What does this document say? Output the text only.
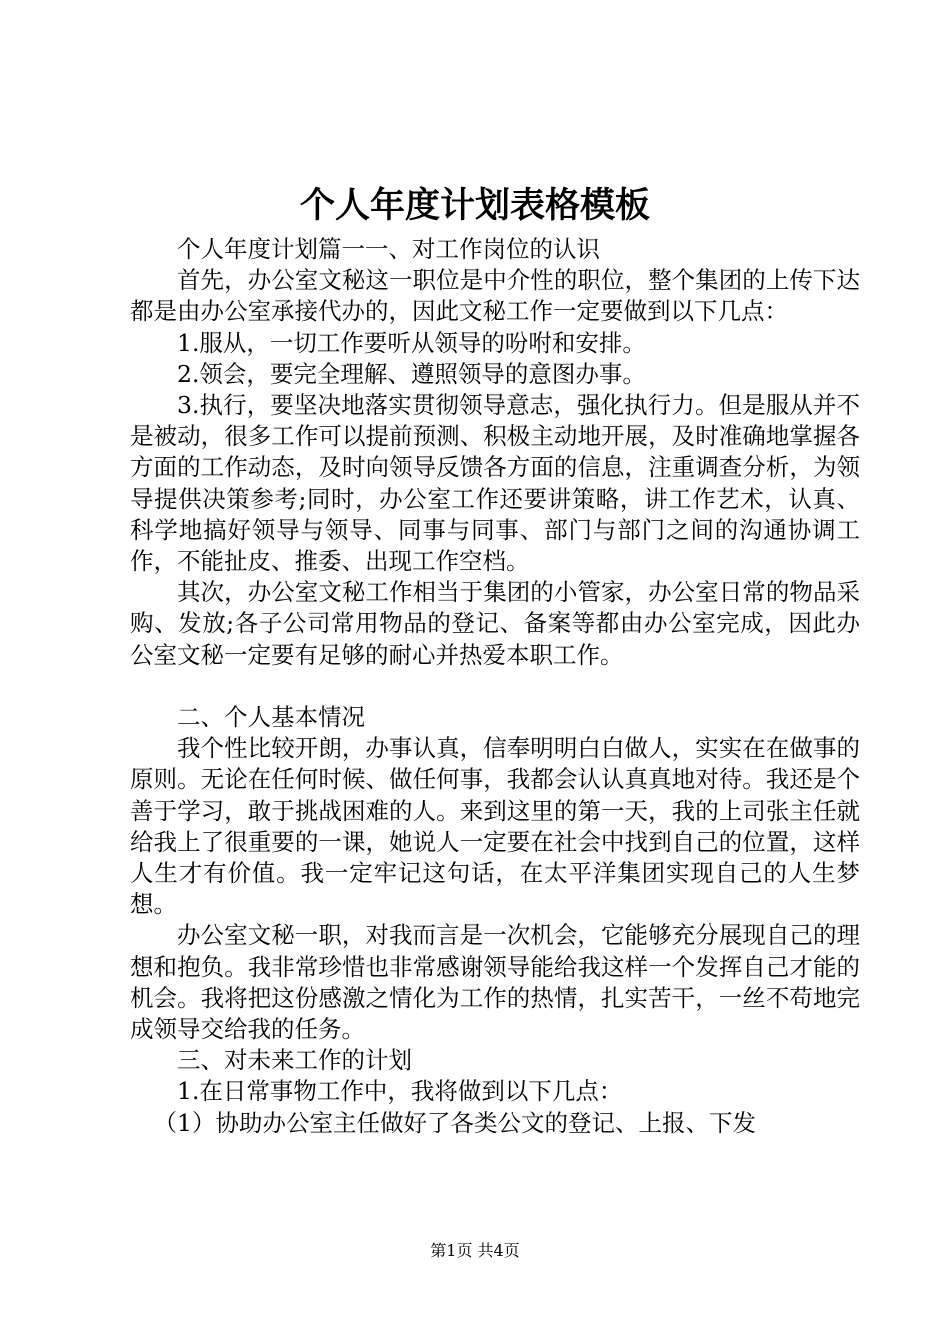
个人年度计划表格模板

个人年度计划篇一一、对工作岗位的认识

首先，办公室文秘这一职位是中介性的职位，整个集团的上传下达都是由办公室承接代办的，因此文秘工作一定要做到以下几点：

1.服从，一切工作要听从领导的吩咐和安排。

2.领会，要完全理解、遵照领导的意图办事。

3.执行，要坚决地落实贯彻领导意志，强化执行力。但是服从并不是被动，很多工作可以提前预测、积极主动地开展，及时准确地掌握各方面的工作动态，及时向领导反馈各方面的信息，注重调查分析，为领导提供决策参考;同时，办公室工作还要讲策略，讲工作艺术，认真、科学地搞好领导与领导、同事与同事、部门与部门之间的沟通协调工作，不能扯皮、推委、出现工作空档。

其次，办公室文秘工作相当于集团的小管家，办公室日常的物品采购、发放;各子公司常用物品的登记、备案等都由办公室完成，因此办公室文秘一定要有足够的耐心并热爱本职工作。

二、个人基本情况

我个性比较开朗，办事认真，信奉明明白白做人，实实在在做事的原则。无论在任何时候、做任何事，我都会认认真真地对待。我还是个善于学习，敢于挑战困难的人。来到这里的第一天，我的上司张主任就给我上了很重要的一课，她说人一定要在社会中找到自己的位置，这样人生才有价值。我一定牢记这句话，在太平洋集团实现自己的人生梦想。

办公室文秘一职，对我而言是一次机会，它能够充分展现自己的理想和抱负。我非常珍惜也非常感谢领导能给我这样一个发挥自己才能的机会。我将把这份感激之情化为工作的热情，扎实苦干，一丝不苟地完成领导交给我的任务。

三、对未来工作的计划

1.在日常事物工作中，我将做到以下几点：

（1）协助办公室主任做好了各类公文的登记、上报、下发

第1页 共4页
